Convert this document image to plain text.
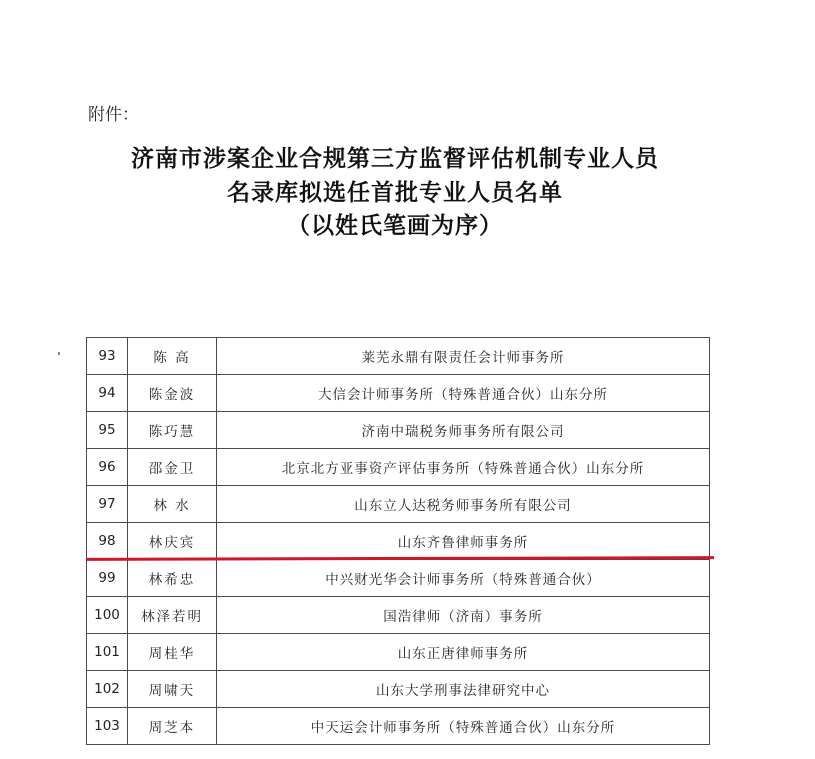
附件：
济南市涉案企业合规第三方监督评估机制专业人员
名录库拟选任首批专业人员名单
（以姓氏笔画为序）
93	陈 高	莱芜永鼎有限责任会计师事务所
94	陈金波	大信会计师事务所（特殊普通合伙）山东分所
95	陈巧慧	济南中瑞税务师事务所有限公司
96	邵金卫	北京北方亚事资产评估事务所（特殊普通合伙）山东分所
97	林 水	山东立人达税务师事务所有限公司
98	林庆宾	山东齐鲁律师事务所
99	林希忠	中兴财光华会计师事务所（特殊普通合伙）
100	林泽若明	国浩律师（济南）事务所
101	周桂华	山东正唐律师事务所
102	周啸天	山东大学刑事法律研究中心
103	周芝本	中天运会计师事务所（特殊普通合伙）山东分所
